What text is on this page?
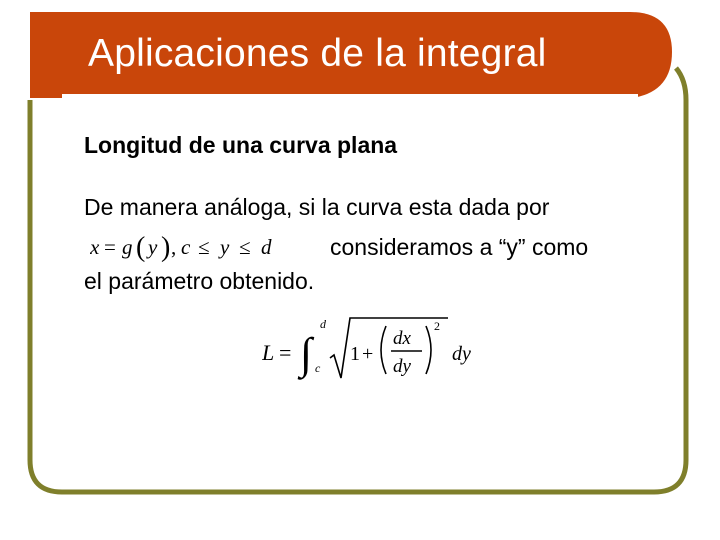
Aplicaciones de la integral
Longitud de una curva plana
De manera análoga, si la curva esta dada por
x = g ( y ) , c ≤ y ≤ d	consideramos a “y” como
el parámetro obtenido.
L = ∫
d
c
1 +
dx
dy
2
dy
